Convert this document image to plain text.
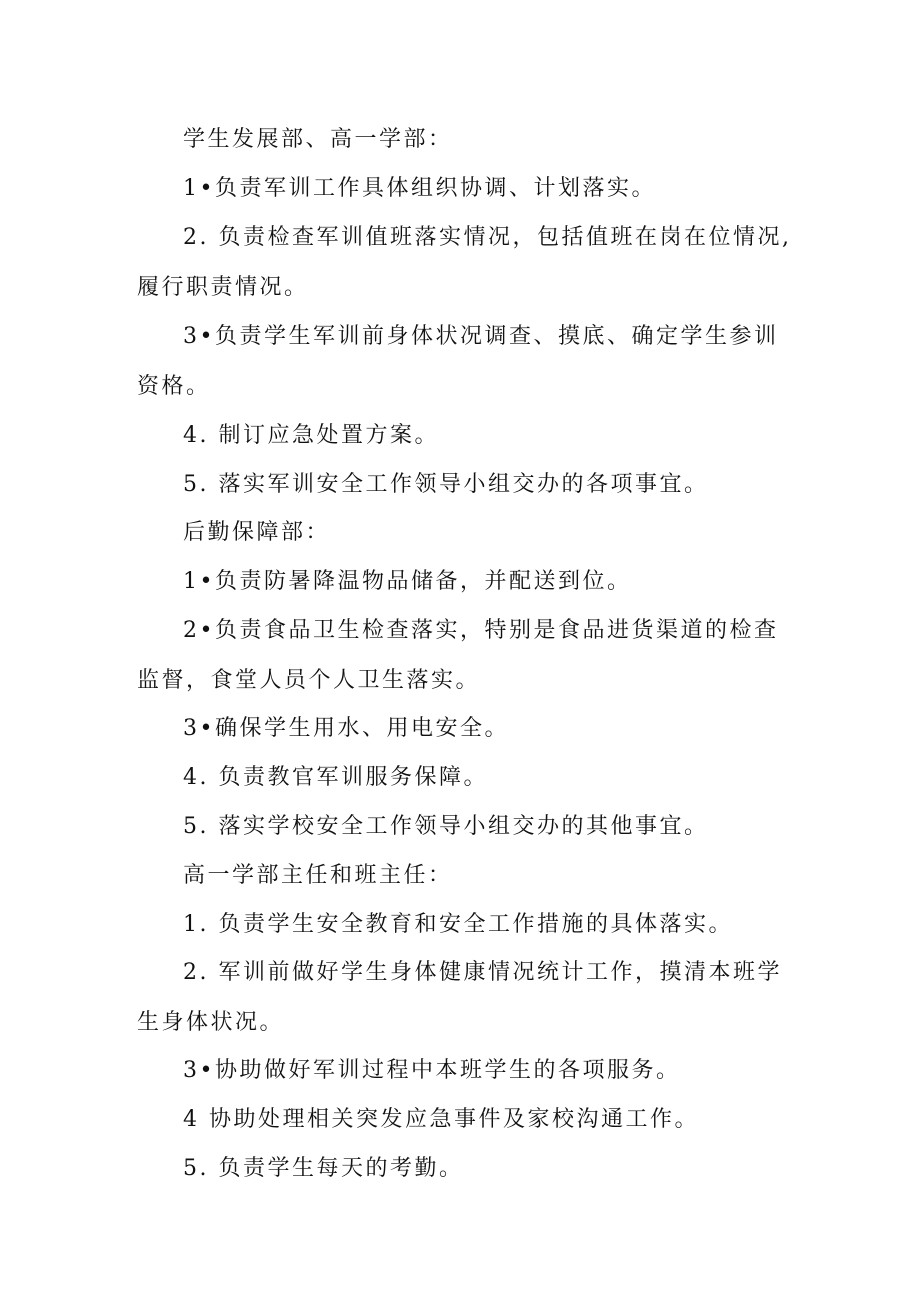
学生发展部、高一学部：

1•负责军训工作具体组织协调、计划落实。

2. 负责检查军训值班落实情况，包括值班在岗在位情况,履行职责情况。

3•负责学生军训前身体状况调查、摸底、确定学生参训资格。

4. 制订应急处置方案。

5. 落实军训安全工作领导小组交办的各项事宜。

后勤保障部：

1•负责防暑降温物品储备，并配送到位。

2•负责食品卫生检查落实，特别是食品进货渠道的检查监督，食堂人员个人卫生落实。

3•确保学生用水、用电安全。

4. 负责教官军训服务保障。

5. 落实学校安全工作领导小组交办的其他事宜。

高一学部主任和班主任：

1. 负责学生安全教育和安全工作措施的具体落实。

2. 军训前做好学生身体健康情况统计工作，摸清本班学生身体状况。

3•协助做好军训过程中本班学生的各项服务。

4 协助处理相关突发应急事件及家校沟通工作。

5. 负责学生每天的考勤。
